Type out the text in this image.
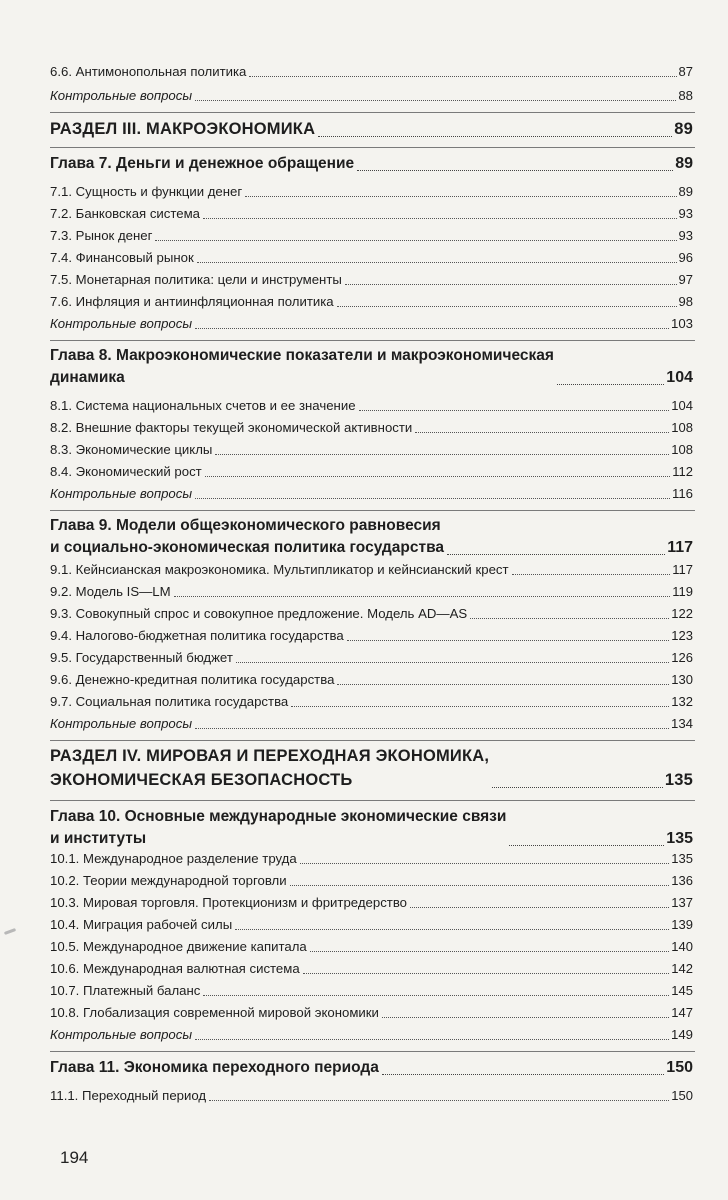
6.6. Антимонопольная политика	87
Контрольные вопросы	88
РАЗДЕЛ III. МАКРОЭКОНОМИКА	89
Глава 7. Деньги и денежное обращение	89
7.1. Сущность и функции денег	89
7.2. Банковская система	93
7.3. Рынок денег	93
7.4. Финансовый рынок	96
7.5. Монетарная политика: цели и инструменты	97
7.6. Инфляция и антиинфляционная политика	98
Контрольные вопросы	103
Глава 8. Макроэкономические показатели и макроэкономическая
динамика	104
8.1. Система национальных счетов и ее значение	104
8.2. Внешние факторы текущей экономической активности	108
8.3. Экономические циклы	108
8.4. Экономический рост	112
Контрольные вопросы	116
Глава 9. Модели общеэкономического равновесия
и социально-экономическая политика государства	117
9.1. Кейнсианская макроэкономика. Мультипликатор и кейнсианский крест	117
9.2. Модель IS—LM	119
9.3. Совокупный спрос и совокупное предложение. Модель AD—AS	122
9.4. Налогово-бюджетная политика государства	123
9.5. Государственный бюджет	126
9.6. Денежно-кредитная политика государства	130
9.7. Социальная политика государства	132
Контрольные вопросы	134
РАЗДЕЛ IV. МИРОВАЯ И ПЕРЕХОДНАЯ ЭКОНОМИКА,
ЭКОНОМИЧЕСКАЯ БЕЗОПАСНОСТЬ	135
Глава 10. Основные международные экономические связи
и институты	135
10.1. Международное разделение труда	135
10.2. Теории международной торговли	136
10.3. Мировая торговля. Протекционизм и фритредерство	137
10.4. Миграция рабочей силы	139
10.5. Международное движение капитала	140
10.6. Международная валютная система	142
10.7. Платежный баланс	145
10.8. Глобализация современной мировой экономики	147
Контрольные вопросы	149
Глава 11. Экономика переходного периода	150
11.1. Переходный период	150
194
